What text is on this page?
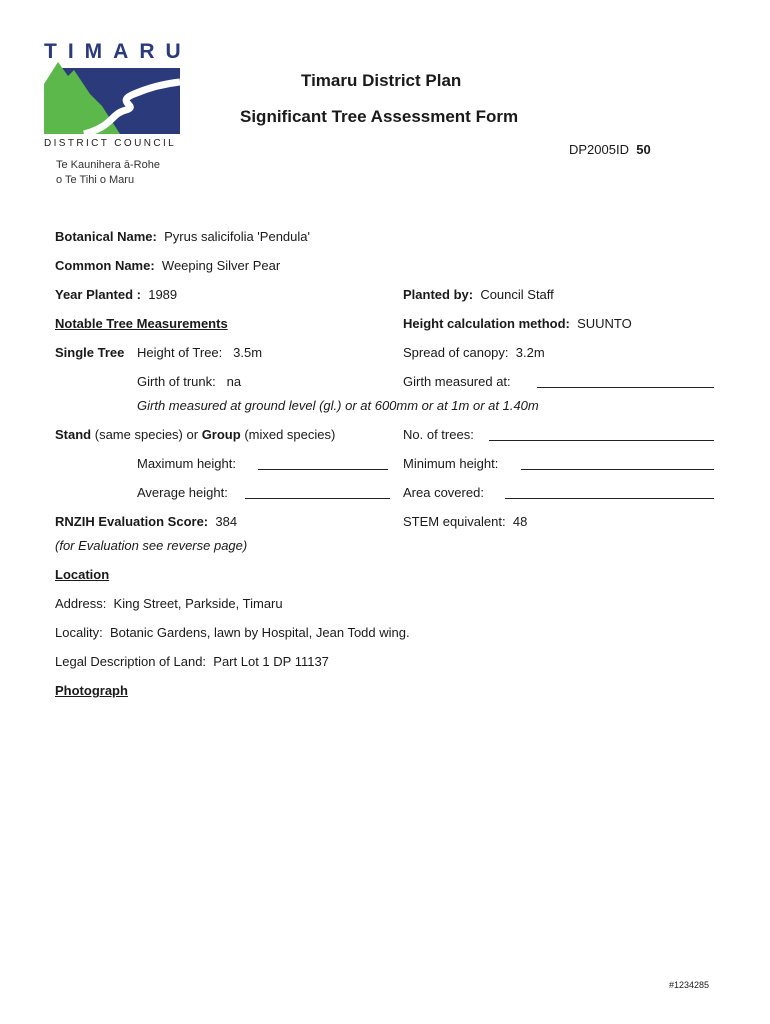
TIMARU
DISTRICT COUNCIL
Te Kaunihera ā-Rohe
o Te Tihi o Maru
Timaru District Plan
Significant Tree Assessment Form
DP2005ID 50
Botanical Name: Pyrus salicifolia 'Pendula'
Common Name: Weeping Silver Pear
Year Planted : 1989	Planted by: Council Staff
Notable Tree Measurements	Height calculation method: SUUNTO
Single Tree Height of Tree: 3.5m	Spread of canopy: 3.2m
Girth of trunk: na	Girth measured at:
Girth measured at ground level (gl.) or at 600mm or at 1m or at 1.40m
Stand (same species) or Group (mixed species)	No. of trees:
Maximum height:	Minimum height:
Average height:	Area covered:
RNZIH Evaluation Score: 384	STEM equivalent: 48
(for Evaluation see reverse page)
Location
Address: King Street, Parkside, Timaru
Locality: Botanic Gardens, lawn by Hospital, Jean Todd wing.
Legal Description of Land: Part Lot 1 DP 11137
Photograph
#1234285
